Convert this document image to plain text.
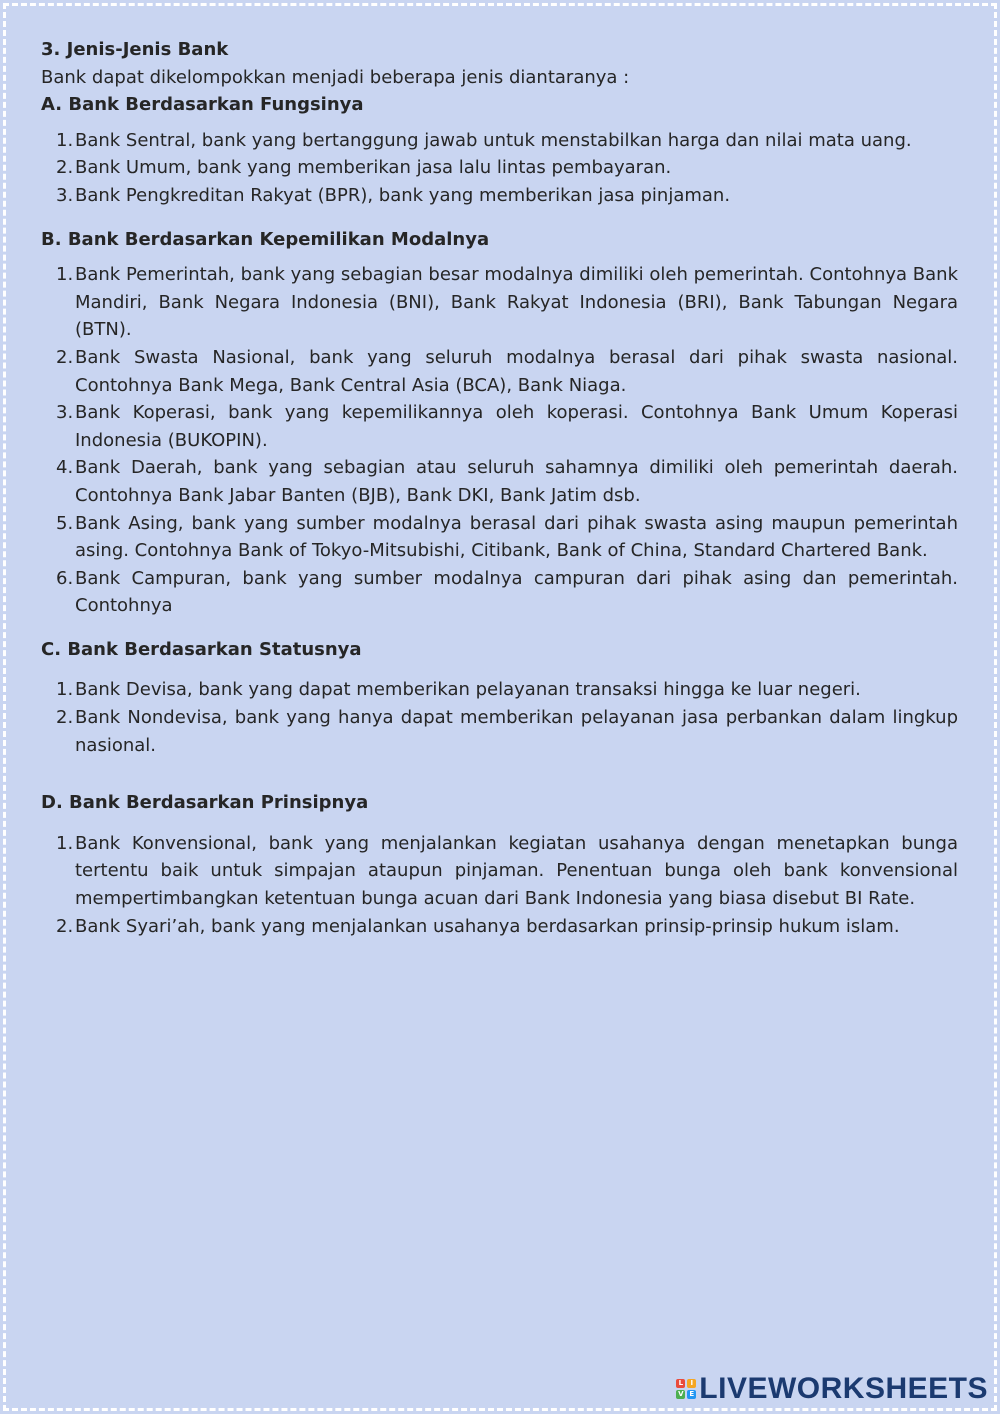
3. Jenis-Jenis Bank

Bank dapat dikelompokkan menjadi beberapa jenis diantaranya :

A. Bank Berdasarkan Fungsinya

1. Bank Sentral, bank yang bertanggung jawab untuk menstabilkan harga dan nilai mata uang.
2. Bank Umum, bank yang memberikan jasa lalu lintas pembayaran.
3. Bank Pengkreditan Rakyat (BPR), bank yang memberikan jasa pinjaman.

B. Bank Berdasarkan Kepemilikan Modalnya

1. Bank Pemerintah, bank yang sebagian besar modalnya dimiliki oleh pemerintah. Contohnya Bank Mandiri, Bank Negara Indonesia (BNI), Bank Rakyat Indonesia (BRI), Bank Tabungan Negara (BTN).
2. Bank Swasta Nasional, bank yang seluruh modalnya berasal dari pihak swasta nasional. Contohnya Bank Mega, Bank Central Asia (BCA), Bank Niaga.
3. Bank Koperasi, bank yang kepemilikannya oleh koperasi. Contohnya Bank Umum Koperasi Indonesia (BUKOPIN).
4. Bank Daerah, bank yang sebagian atau seluruh sahamnya dimiliki oleh pemerintah daerah. Contohnya Bank Jabar Banten (BJB), Bank DKI, Bank Jatim dsb.
5. Bank Asing, bank yang sumber modalnya berasal dari pihak swasta asing maupun pemerintah asing. Contohnya Bank of Tokyo-Mitsubishi, Citibank, Bank of China, Standard Chartered Bank.
6. Bank Campuran, bank yang sumber modalnya campuran dari pihak asing dan pemerintah. Contohnya

C. Bank Berdasarkan Statusnya

1. Bank Devisa, bank yang dapat memberikan pelayanan transaksi hingga ke luar negeri.
2. Bank Nondevisa, bank yang hanya dapat memberikan pelayanan jasa perbankan dalam lingkup nasional.

D. Bank Berdasarkan Prinsipnya

1. Bank Konvensional, bank yang menjalankan kegiatan usahanya dengan menetapkan bunga tertentu baik untuk simpajan ataupun pinjaman. Penentuan bunga oleh bank konvensional mempertimbangkan ketentuan bunga acuan dari Bank Indonesia yang biasa disebut BI Rate.
2. Bank Syari’ah, bank yang menjalankan usahanya berdasarkan prinsip-prinsip hukum islam.
L	I
V E LIVEWORKSHEETS
